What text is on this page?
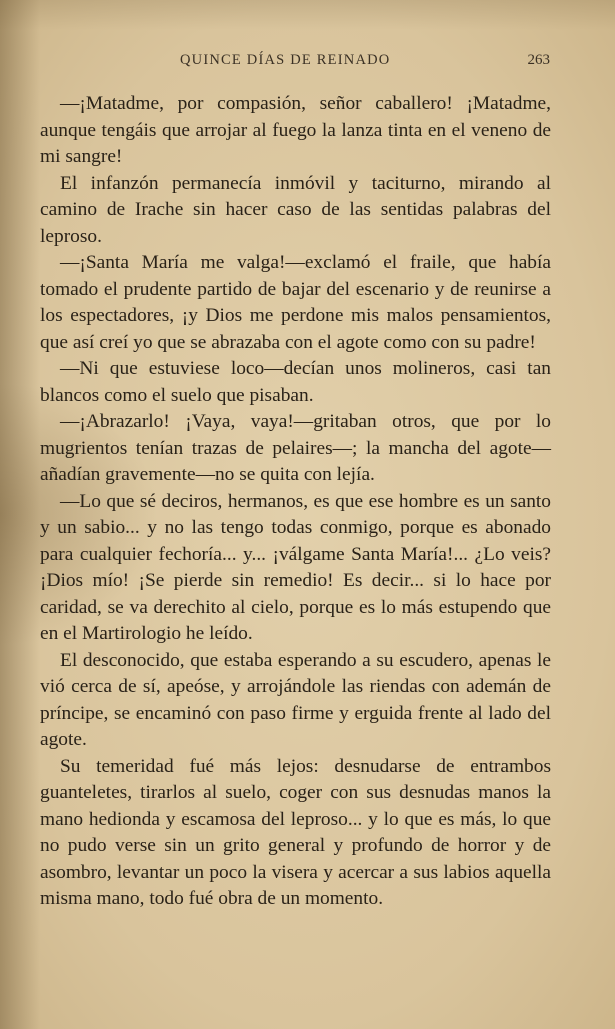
QUINCE DÍAS DE REINADO	263

—¡Matadme, por compasión, señor caballero! ¡Matadme, aunque tengáis que arrojar al fuego la lanza tinta en el veneno de mi sangre!

El infanzón permanecía inmóvil y taciturno, mirando al camino de Irache sin hacer caso de las sentidas palabras del leproso.

—¡Santa María me valga!—exclamó el fraile, que había tomado el prudente partido de bajar del escenario y de reunirse a los espectadores, ¡y Dios me perdone mis malos pensamientos, que así creí yo que se abrazaba con el agote como con su padre!

—Ni que estuviese loco—decían unos molineros, casi tan blancos como el suelo que pisaban.

—¡Abrazarlo! ¡Vaya, vaya!—gritaban otros, que por lo mugrientos tenían trazas de pelaires—; la mancha del agote—añadían gravemente—no se quita con lejía.

—Lo que sé deciros, hermanos, es que ese hombre es un santo y un sabio... y no las tengo todas conmigo, porque es abonado para cualquier fechoría... y... ¡válgame Santa María!... ¿Lo veis? ¡Dios mío! ¡Se pierde sin remedio! Es decir... si lo hace por caridad, se va derechito al cielo, porque es lo más estupendo que en el Martirologio he leído.

El desconocido, que estaba esperando a su escudero, apenas le vió cerca de sí, apeóse, y arrojándole las riendas con ademán de príncipe, se encaminó con paso firme y erguida frente al lado del agote.

Su temeridad fué más lejos: desnudarse de entrambos guanteletes, tirarlos al suelo, coger con sus desnudas manos la mano hedionda y escamosa del leproso... y lo que es más, lo que no pudo verse sin un grito general y profundo de horror y de asombro, levantar un poco la visera y acercar a sus labios aquella misma mano, todo fué obra de un momento.
